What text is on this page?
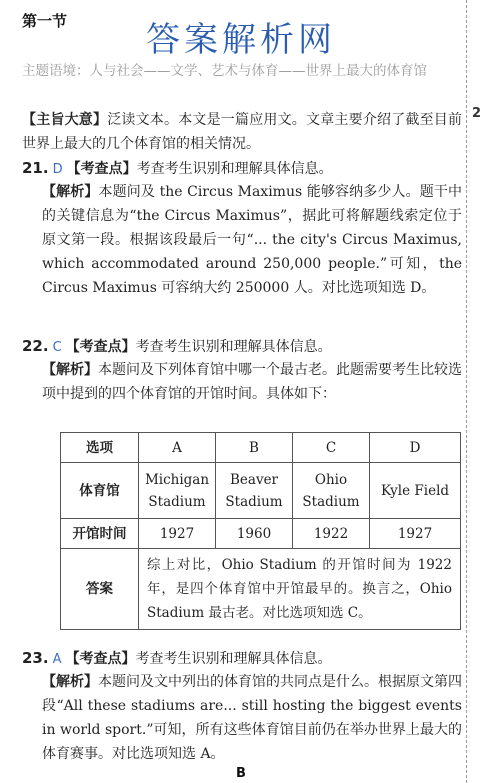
2
第一节 答案解析网
主题语境：人与社会——文学、艺术与体育——世界上最大的体育馆
【主旨大意】泛读文本。本文是一篇应用文。文章主要介绍了截至目前世界上最大的几个体育馆的相关情况。
21. D 【考查点】考查考生识别和理解具体信息。
【解析】本题问及 the Circus Maximus 能够容纳多少人。题干中的关键信息为“the Circus Maximus”，据此可将解题线索定位于原文第一段。根据该段最后一句“... the city's Circus Maximus, which accommodated around 250,000 people.”可知，the Circus Maximus 可容纳大约 250000 人。对比选项知选 D。
22. C 【考查点】考查考生识别和理解具体信息。
【解析】本题问及下列体育馆中哪一个最古老。此题需要考生比较选项中提到的四个体育馆的开馆时间。具体如下：
选项	A	B	C	D
体育馆	Michigan Stadium	Beaver Stadium	Ohio Stadium	Kyle Field
开馆时间	1927	1960	1922	1927
答案	综上对比，Ohio Stadium 的开馆时间为 1922 年，是四个体育馆中开馆最早的。换言之，Ohio Stadium 最古老。对比选项知选 C。			
23. A 【考查点】考查考生识别和理解具体信息。
【解析】本题问及文中列出的体育馆的共同点是什么。根据原文第四段“All these stadiums are... still hosting the biggest events in world sport.”可知，所有这些体育馆目前仍在举办世界上最大的体育赛事。对比选项知选 A。
B
